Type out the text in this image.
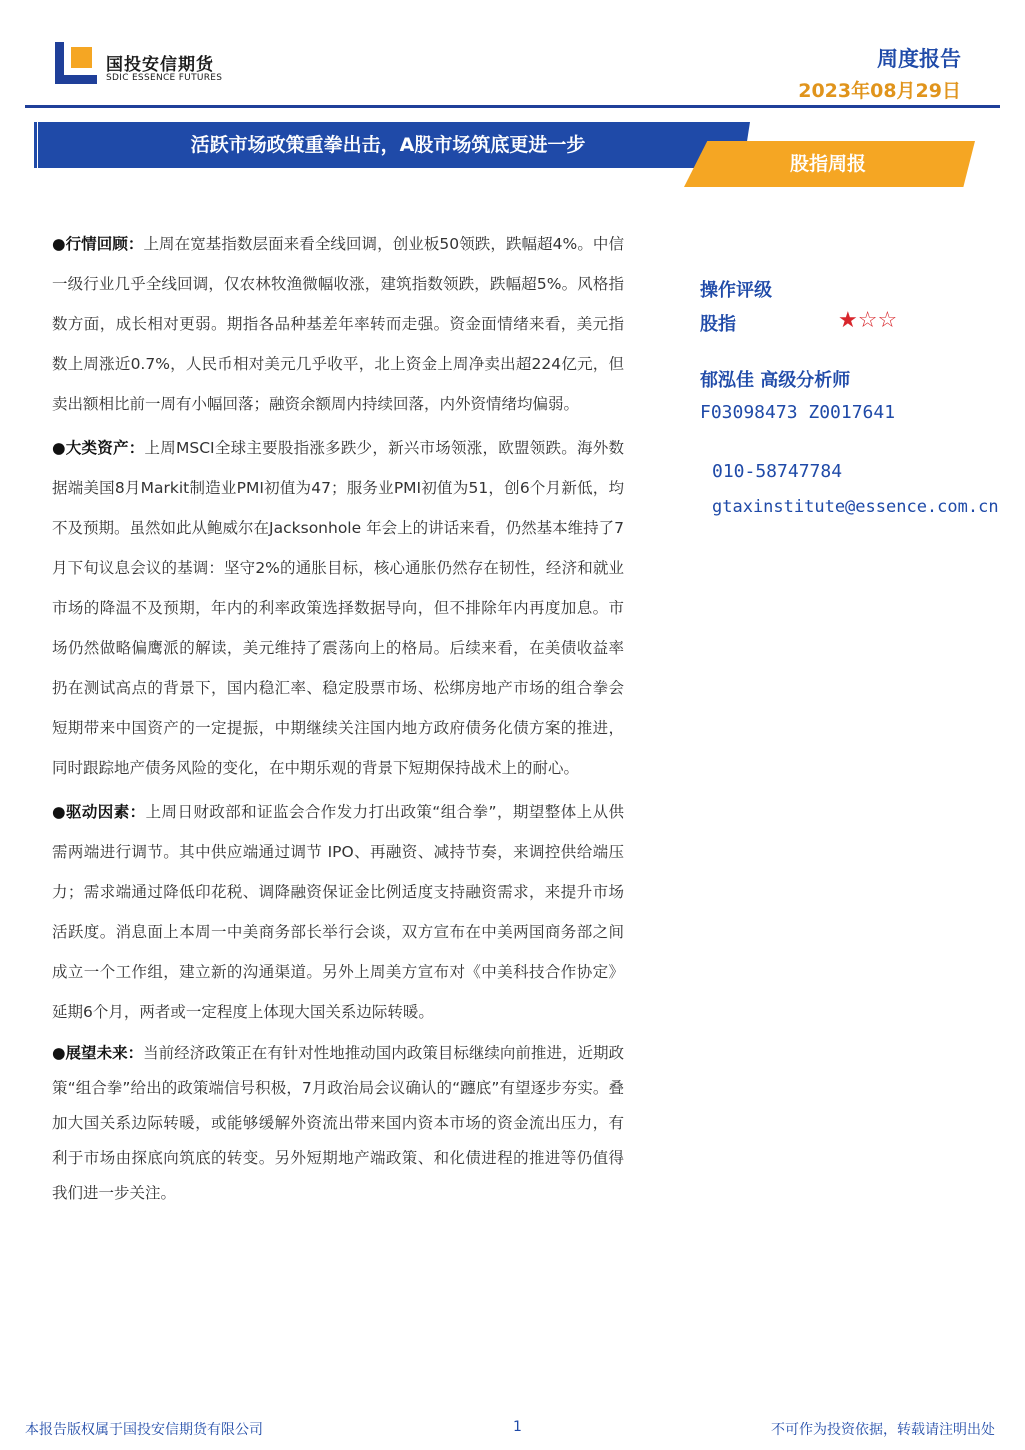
国投安信期货
SDIC ESSENCE FUTURES
周度报告
2023年08月29日
活跃市场政策重拳出击，A股市场筑底更进一步
股指周报

●行情回顾：上周在宽基指数层面来看全线回调，创业板50领跌，跌幅超4%。中信一级行业几乎全线回调，仅农林牧渔微幅收涨，建筑指数领跌，跌幅超5%。风格指数方面，成长相对更弱。期指各品种基差年率转而走强。资金面情绪来看，美元指数上周涨近0.7%，人民币相对美元几乎收平，北上资金上周净卖出超224亿元，但卖出额相比前一周有小幅回落；融资余额周内持续回落，内外资情绪均偏弱。

●大类资产：上周MSCI全球主要股指涨多跌少，新兴市场领涨，欧盟领跌。海外数据端美国8月Markit制造业PMI初值为47；服务业PMI初值为51，创6个月新低，均不及预期。虽然如此从鲍威尔在Jacksonhole 年会上的讲话来看，仍然基本维持了7月下旬议息会议的基调：坚守2%的通胀目标，核心通胀仍然存在韧性，经济和就业市场的降温不及预期，年内的利率政策选择数据导向，但不排除年内再度加息。市场仍然做略偏鹰派的解读，美元维持了震荡向上的格局。后续来看，在美债收益率扔在测试高点的背景下，国内稳汇率、稳定股票市场、松绑房地产市场的组合拳会短期带来中国资产的一定提振，中期继续关注国内地方政府债务化债方案的推进，同时跟踪地产债务风险的变化，在中期乐观的背景下短期保持战术上的耐心。

●驱动因素：上周日财政部和证监会合作发力打出政策“组合拳”，期望整体上从供需两端进行调节。其中供应端通过调节 IPO、再融资、减持节奏，来调控供给端压力；需求端通过降低印花税、调降融资保证金比例适度支持融资需求，来提升市场活跃度。消息面上本周一中美商务部长举行会谈，双方宣布在中美两国商务部之间成立一个工作组，建立新的沟通渠道。另外上周美方宣布对《中美科技合作协定》延期6个月，两者或一定程度上体现大国关系边际转暖。

●展望未来：当前经济政策正在有针对性地推动国内政策目标继续向前推进，近期政策“组合拳”给出的政策端信号积极，7月政治局会议确认的“躔底”有望逐步夯实。叠加大国关系边际转暖，或能够缓解外资流出带来国内资本市场的资金流出压力，有利于市场由探底向筑底的转变。另外短期地产端政策、和化债进程的推进等仍值得我们进一步关注。

操作评级
股指	★☆☆
郁泓佳 高级分析师
F03098473 Z0017641
010-58747784
gtaxinstitute@essence.com.cn
本报告版权属于国投安信期货有限公司	1	不可作为投资依据，转载请注明出处
